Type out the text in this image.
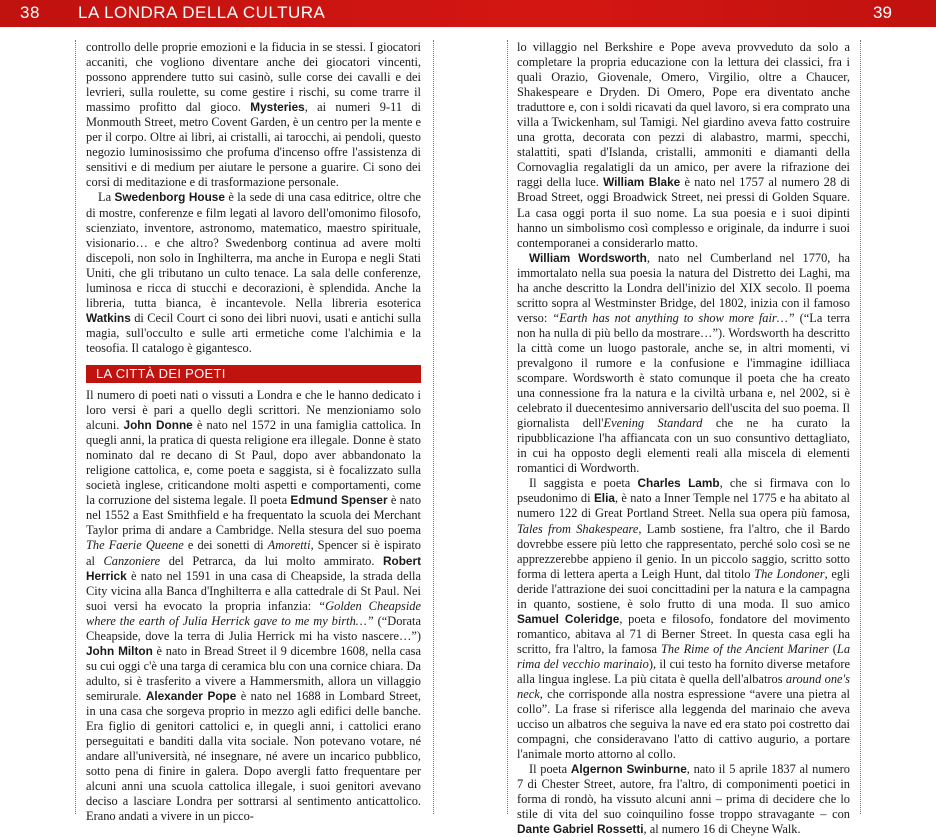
38 LA LONDRA DELLA CULTURA	39

controllo delle proprie emozioni e la fiducia in se stessi. I giocatori accaniti, che vogliono diventare anche dei giocatori vincenti, possono apprendere tutto sui casinò, sulle corse dei cavalli e dei levrieri, sulla roulette, su come gestire i rischi, su come trarre il massimo profitto dal gioco. Mysteries, ai numeri 9-11 di Monmouth Street, metro Covent Garden, è un centro per la mente e per il corpo. Oltre ai libri, ai cristalli, ai tarocchi, ai pendoli, questo negozio luminosissimo che profuma d'incenso offre l'assistenza di sensitivi e di medium per aiutare le persone a guarire. Ci sono dei corsi di meditazione e di trasformazione personale.

La Swedenborg House è la sede di una casa editrice, oltre che di mostre, conferenze e film legati al lavoro dell'omonimo filosofo, scienziato, inventore, astronomo, matematico, maestro spirituale, visionario… e che altro? Swedenborg continua ad avere molti discepoli, non solo in Inghilterra, ma anche in Europa e negli Stati Uniti, che gli tributano un culto tenace. La sala delle conferenze, luminosa e ricca di stucchi e decorazioni, è splendida. Anche la libreria, tutta bianca, è incantevole. Nella libreria esoterica Watkins di Cecil Court ci sono dei libri nuovi, usati e antichi sulla magia, sull'occulto e sulle arti ermetiche come l'alchimia e la teosofia. Il catalogo è gigantesco.

LA CITTÀ DEI POETI

Il numero di poeti nati o vissuti a Londra e che le hanno dedicato i loro versi è pari a quello degli scrittori. Ne menzioniamo solo alcuni. John Donne è nato nel 1572 in una famiglia cattolica. In quegli anni, la pratica di questa religione era illegale. Donne è stato nominato dal re decano di St Paul, dopo aver abbandonato la religione cattolica, e, come poeta e saggista, si è focalizzato sulla società inglese, criticandone molti aspetti e comportamenti, come la corruzione del sistema legale. Il poeta Edmund Spenser è nato nel 1552 a East Smithfield e ha frequentato la scuola dei Merchant Taylor prima di andare a Cambridge. Nella stesura del suo poema The Faerie Queene e dei sonetti di Amoretti, Spencer si è ispirato al Canzoniere del Petrarca, da lui molto ammirato. Robert Herrick è nato nel 1591 in una casa di Cheapside, la strada della City vicina alla Banca d'Inghilterra e alla cattedrale di St Paul. Nei suoi versi ha evocato la propria infanzia: “Golden Cheapside where the earth of Julia Herrick gave to me my birth…” (“Dorata Cheapside, dove la terra di Julia Herrick mi ha visto nascere…”) John Milton è nato in Bread Street il 9 dicembre 1608, nella casa su cui oggi c'è una targa di ceramica blu con una cornice chiara. Da adulto, si è trasferito a vivere a Hammersmith, allora un villaggio semirurale. Alexander Pope è nato nel 1688 in Lombard Street, in una casa che sorgeva proprio in mezzo agli edifici delle banche. Era figlio di genitori cattolici e, in quegli anni, i cattolici erano perseguitati e banditi dalla vita sociale. Non potevano votare, né andare all'università, né insegnare, né avere un incarico pubblico, sotto pena di finire in galera. Dopo avergli fatto frequentare per alcuni anni una scuola cattolica illegale, i suoi genitori avevano deciso a lasciare Londra per sottrarsi al sentimento anticattolico. Erano andati a vivere in un picco-

lo villaggio nel Berkshire e Pope aveva provveduto da solo a completare la propria educazione con la lettura dei classici, fra i quali Orazio, Giovenale, Omero, Virgilio, oltre a Chaucer, Shakespeare e Dryden. Di Omero, Pope era diventato anche traduttore e, con i soldi ricavati da quel lavoro, si era comprato una villa a Twickenham, sul Tamigi. Nel giardino aveva fatto costruire una grotta, decorata con pezzi di alabastro, marmi, specchi, stalattiti, spati d'Islanda, cristalli, ammoniti e diamanti della Cornovaglia regalatigli da un amico, per avere la rifrazione dei raggi della luce. William Blake è nato nel 1757 al numero 28 di Broad Street, oggi Broadwick Street, nei pressi di Golden Square. La casa oggi porta il suo nome. La sua poesia e i suoi dipinti hanno un simbolismo così complesso e originale, da indurre i suoi contemporanei a considerarlo matto.

William Wordsworth, nato nel Cumberland nel 1770, ha immortalato nella sua poesia la natura del Distretto dei Laghi, ma ha anche descritto la Londra dell'inizio del XIX secolo. Il poema scritto sopra al Westminster Bridge, del 1802, inizia con il famoso verso: “Earth has not anything to show more fair…” (“La terra non ha nulla di più bello da mostrare…”). Wordsworth ha descritto la città come un luogo pastorale, anche se, in altri momenti, vi prevalgono il rumore e la confusione e l'immagine idilliaca scompare. Wordsworth è stato comunque il poeta che ha creato una connessione fra la natura e la civiltà urbana e, nel 2002, si è celebrato il duecentesimo anniversario dell'uscita del suo poema. Il giornalista dell'Evening Standard che ne ha curato la ripubblicazione l'ha affiancata con un suo consuntivo dettagliato, in cui ha opposto degli elementi reali alla miscela di elementi romantici di Wordworth.

Il saggista e poeta Charles Lamb, che si firmava con lo pseudonimo di Elia, è nato a Inner Temple nel 1775 e ha abitato al numero 122 di Great Portland Street. Nella sua opera più famosa, Tales from Shakespeare, Lamb sostiene, fra l'altro, che il Bardo dovrebbe essere più letto che rappresentato, perché solo così se ne apprezzerebbe appieno il genio. In un piccolo saggio, scritto sotto forma di lettera aperta a Leigh Hunt, dal titolo The Londoner, egli deride l'attrazione dei suoi concittadini per la natura e la campagna in quanto, sostiene, è solo frutto di una moda. Il suo amico Samuel Coleridge, poeta e filosofo, fondatore del movimento romantico, abitava al 71 di Berner Street. In questa casa egli ha scritto, fra l'altro, la famosa The Rime of the Ancient Mariner (La rima del vecchio marinaio), il cui testo ha fornito diverse metafore alla lingua inglese. La più citata è quella dell'albatros around one's neck, che corrisponde alla nostra espressione “avere una pietra al collo”. La frase si riferisce alla leggenda del marinaio che aveva ucciso un albatros che seguiva la nave ed era stato poi costretto dai compagni, che consideravano l'atto di cattivo augurio, a portare l'animale morto attorno al collo.

Il poeta Algernon Swinburne, nato il 5 aprile 1837 al numero 7 di Chester Street, autore, fra l'altro, di componimenti poetici in forma di rondò, ha vissuto alcuni anni – prima di decidere che lo stile di vita del suo coinquilino fosse troppo stravagante – con Dante Gabriel Rossetti, al numero 16 di Cheyne Walk.
